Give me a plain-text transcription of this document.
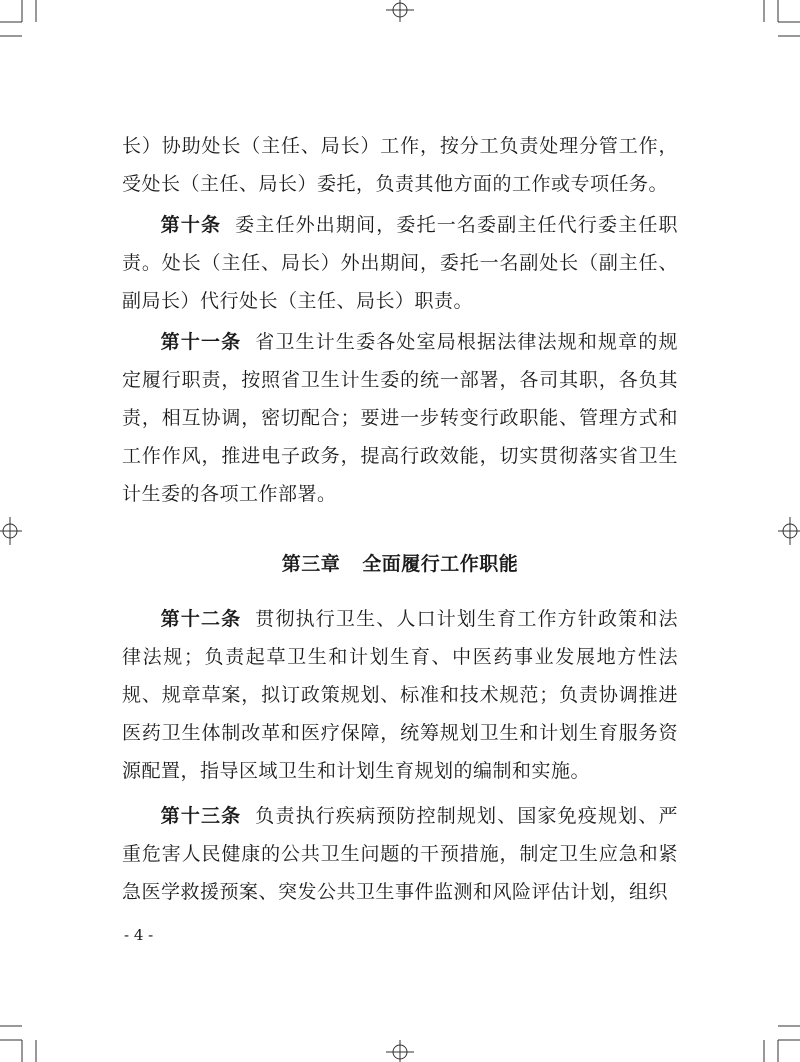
长）协助处长（主任、局长）工作，按分工负责处理分管工作，受处长（主任、局长）委托，负责其他方面的工作或专项任务。

第十条 委主任外出期间，委托一名委副主任代行委主任职责。处长（主任、局长）外出期间，委托一名副处长（副主任、副局长）代行处长（主任、局长）职责。

第十一条 省卫生计生委各处室局根据法律法规和规章的规定履行职责，按照省卫生计生委的统一部署，各司其职，各负其责，相互协调，密切配合；要进一步转变行政职能、管理方式和工作作风，推进电子政务，提高行政效能，切实贯彻落实省卫生计生委的各项工作部署。

第三章 全面履行工作职能

第十二条 贯彻执行卫生、人口计划生育工作方针政策和法律法规；负责起草卫生和计划生育、中医药事业发展地方性法规、规章草案，拟订政策规划、标准和技术规范；负责协调推进医药卫生体制改革和医疗保障，统筹规划卫生和计划生育服务资源配置，指导区域卫生和计划生育规划的编制和实施。

第十三条 负责执行疾病预防控制规划、国家免疫规划、严重危害人民健康的公共卫生问题的干预措施，制定卫生应急和紧急医学救援预案、突发公共卫生事件监测和风险评估计划，组织

- 4 -
